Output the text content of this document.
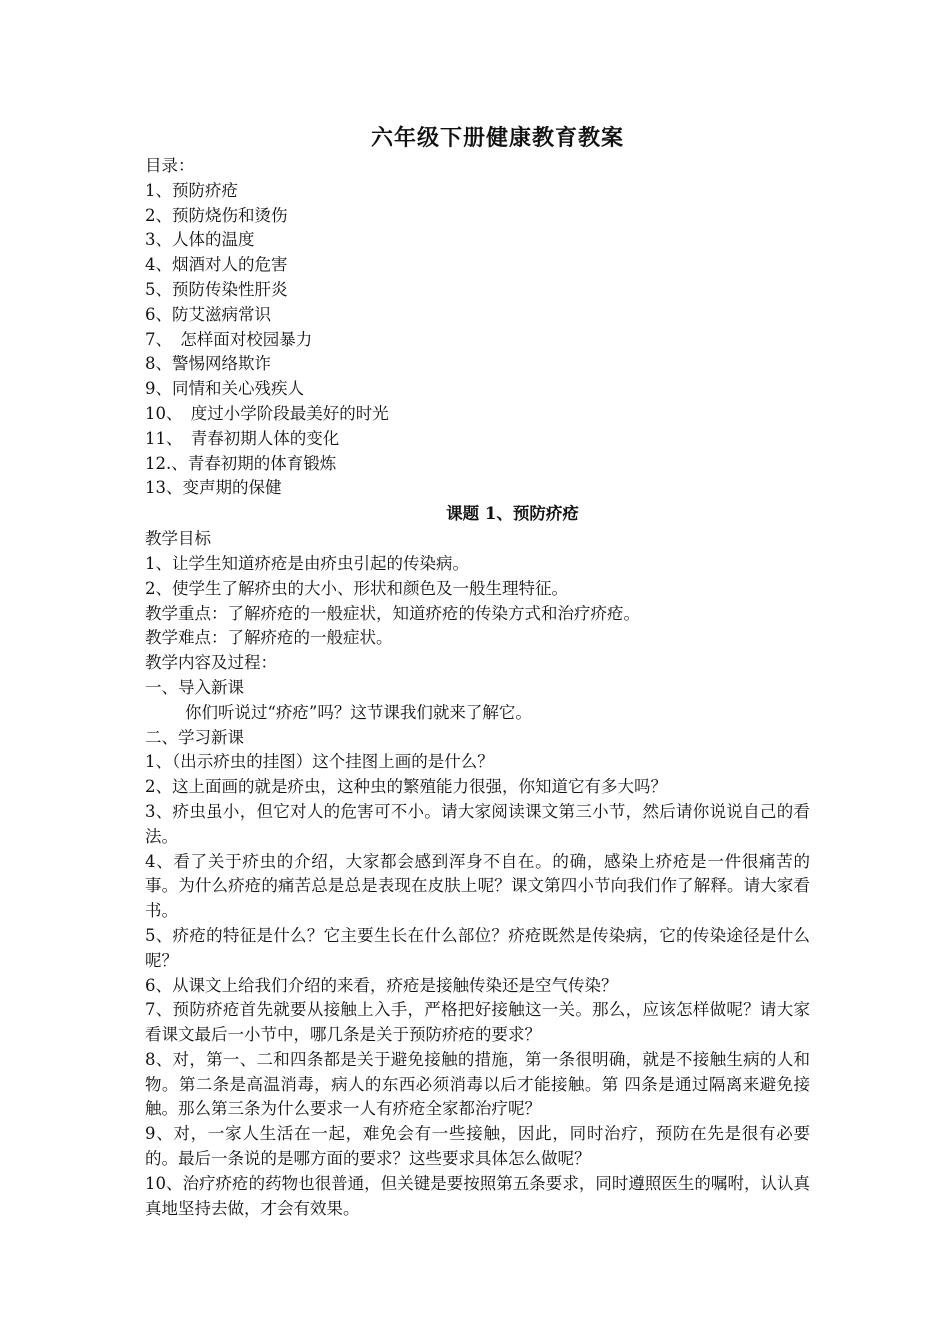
六年级下册健康教育教案

目录：

1、预防疥疮

2、预防烧伤和烫伤

3、人体的温度

4、烟酒对人的危害

5、预防传染性肝炎

6、防艾滋病常识

7、　怎样面对校园暴力

8、警惕网络欺诈

9、同情和关心残疾人

10、　度过小学阶段最美好的时光

11、　青春初期人体的变化

12.、青春初期的体育锻炼

13、变声期的保健

课题 1、预防疥疮

教学目标

1、让学生知道疥疮是由疥虫引起的传染病。

2、使学生了解疥虫的大小、形状和颜色及一般生理特征。

教学重点：了解疥疮的一般症状，知道疥疮的传染方式和治疗疥疮。

教学难点：了解疥疮的一般症状。

教学内容及过程：

一、导入新课

你们听说过“疥疮”吗？这节课我们就来了解它。

二、学习新课

1、（出示疥虫的挂图）这个挂图上画的是什么？

2、这上面画的就是疥虫，这种虫的繁殖能力很强，你知道它有多大吗？

3、疥虫虽小，但它对人的危害可不小。请大家阅读课文第三小节，然后请你说说自己的看法。

4、看了关于疥虫的介绍，大家都会感到浑身不自在。的确，感染上疥疮是一件很痛苦的事。为什么疥疮的痛苦总是总是表现在皮肤上呢？课文第四小节向我们作了解释。请大家看书。

5、疥疮的特征是什么？它主要生长在什么部位？疥疮既然是传染病，它的传染途径是什么呢？

6、从课文上给我们介绍的来看，疥疮是接触传染还是空气传染？

7、预防疥疮首先就要从接触上入手，严格把好接触这一关。那么，应该怎样做呢？请大家看课文最后一小节中，哪几条是关于预防疥疮的要求？

8、对，第一、二和四条都是关于避免接触的措施，第一条很明确，就是不接触生病的人和物。第二条是高温消毒，病人的东西必须消毒以后才能接触。第 四条是通过隔离来避免接触。那么第三条为什么要求一人有疥疮全家都治疗呢？

9、对，一家人生活在一起，难免会有一些接触，因此，同时治疗，预防在先是很有必要的。最后一条说的是哪方面的要求？这些要求具体怎么做呢？

10、治疗疥疮的药物也很普通，但关键是要按照第五条要求，同时遵照医生的嘱咐，认认真真地坚持去做，才会有效果。
